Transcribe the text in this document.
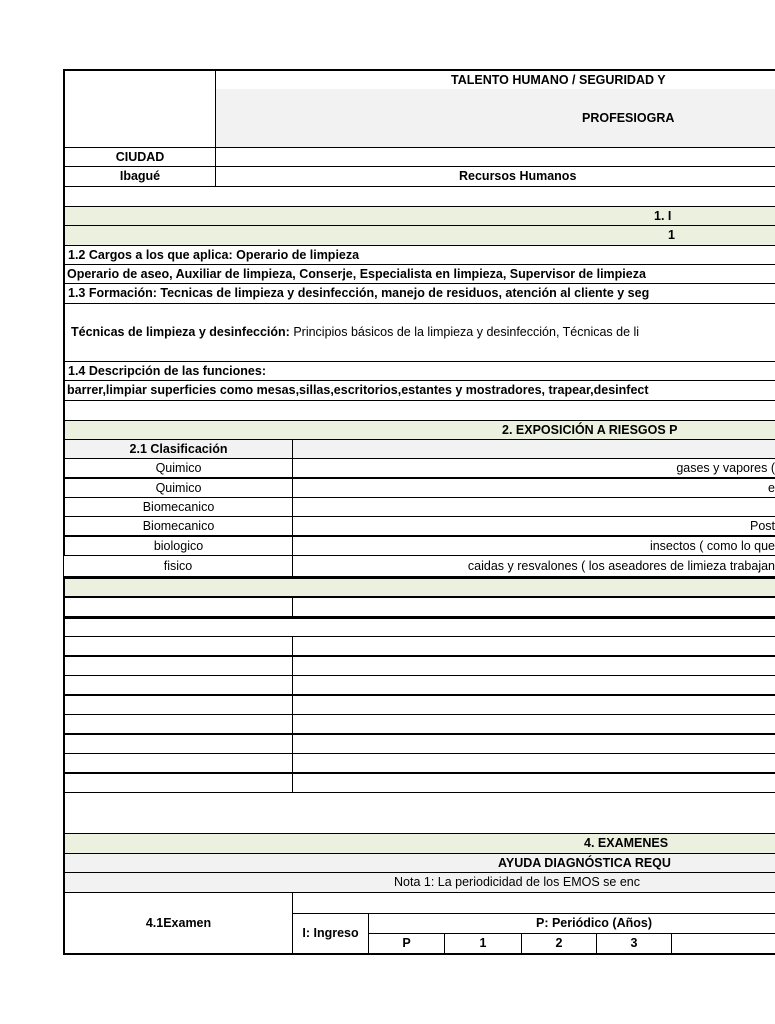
TALENTO HUMANO / SEGURIDAD Y
PROFESIOGRA
CIUDAD
Ibagué	Recursos Humanos
1. I
1
1.2 Cargos a los que aplica: Operario de limpieza
Operario de aseo, Auxiliar de limpieza, Conserje, Especialista en limpieza, Supervisor de limpieza
1.3 Formación: Tecnicas de limpieza y desinfección, manejo de residuos, atención al cliente y seg
Técnicas de limpieza y desinfección: Principios básicos de la limpieza y desinfección, Técnicas de li
1.4 Descripción de las funciones:
barrer,limpiar superficies como mesas,sillas,escritorios,estantes y mostradores, trapear,desinfect
2. EXPOSICIÓN A RIESGOS P
2.1 Clasificación
Quimico	gases y vapores (
Quimico	e
Biomecanico
Biomecanico	Post
biologico	insectos ( como lo que
fisico	caidas y resvalones ( los aseadores de limieza trabajan
4. EXAMENES
AYUDA DIAGNÓSTICA REQU
Nota 1: La periodicidad de los EMOS se enc
4.1Examen
I: Ingreso
P: Periódico (Años)
P	1	2	3
